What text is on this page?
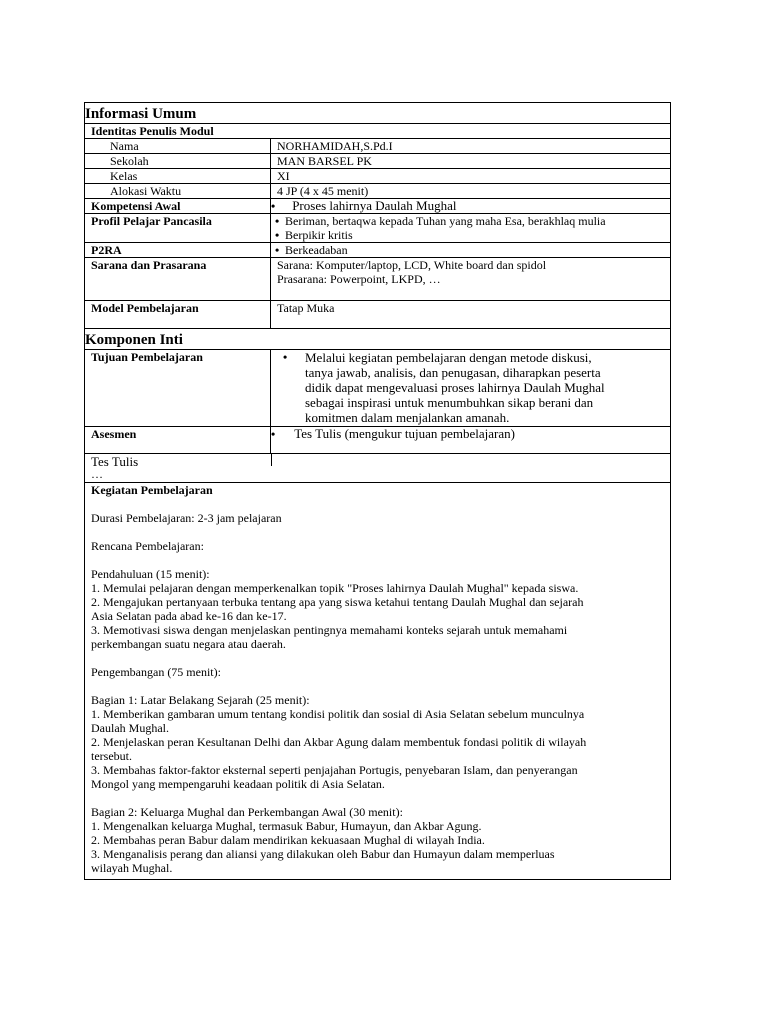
Informasi Umum
Identitas Penulis Modul
Nama	NORHAMIDAH,S.Pd.I
Sekolah	MAN BARSEL PK
Kelas	XI
Alokasi Waktu	4 JP (4 x 45 menit)
Kompetensi Awal	• Proses lahirnya Daulah Mughal
Profil Pelajar Pancasila	• Beriman, bertaqwa kepada Tuhan yang maha Esa, berakhlaq mulia
• Berpikir kritis
P2RA	• Berkeadaban
Sarana dan Prasarana	Sarana: Komputer/laptop, LCD, White board dan spidol
Prasarana: Powerpoint, LKPD, …
Model Pembelajaran	Tatap Muka
Komponen Inti
Tujuan Pembelajaran	• Melalui kegiatan pembelajaran dengan metode diskusi,
tanya jawab, analisis, dan penugasan, diharapkan peserta
didik dapat mengevaluasi proses lahirnya Daulah Mughal
sebagai inspirasi untuk menumbuhkan sikap berani dan
komitmen dalam menjalankan amanah.
Asesmen	• Tes Tulis (mengukur tujuan pembelajaran)
Tes Tulis
…
Kegiatan Pembelajaran

Durasi Pembelajaran: 2-3 jam pelajaran

Rencana Pembelajaran:

Pendahuluan (15 menit):

1. Memulai pelajaran dengan memperkenalkan topik "Proses lahirnya Daulah Mughal" kepada siswa.

2. Mengajukan pertanyaan terbuka tentang apa yang siswa ketahui tentang Daulah Mughal dan sejarah

Asia Selatan pada abad ke-16 dan ke-17.

3. Memotivasi siswa dengan menjelaskan pentingnya memahami konteks sejarah untuk memahami

perkembangan suatu negara atau daerah.

Pengembangan (75 menit):

Bagian 1: Latar Belakang Sejarah (25 menit):

1. Memberikan gambaran umum tentang kondisi politik dan sosial di Asia Selatan sebelum munculnya

Daulah Mughal.

2. Menjelaskan peran Kesultanan Delhi dan Akbar Agung dalam membentuk fondasi politik di wilayah

tersebut.

3. Membahas faktor-faktor eksternal seperti penjajahan Portugis, penyebaran Islam, dan penyerangan

Mongol yang mempengaruhi keadaan politik di Asia Selatan.

Bagian 2: Keluarga Mughal dan Perkembangan Awal (30 menit):

1. Mengenalkan keluarga Mughal, termasuk Babur, Humayun, dan Akbar Agung.

2. Membahas peran Babur dalam mendirikan kekuasaan Mughal di wilayah India.

3. Menganalisis perang dan aliansi yang dilakukan oleh Babur dan Humayun dalam memperluas

wilayah Mughal.
